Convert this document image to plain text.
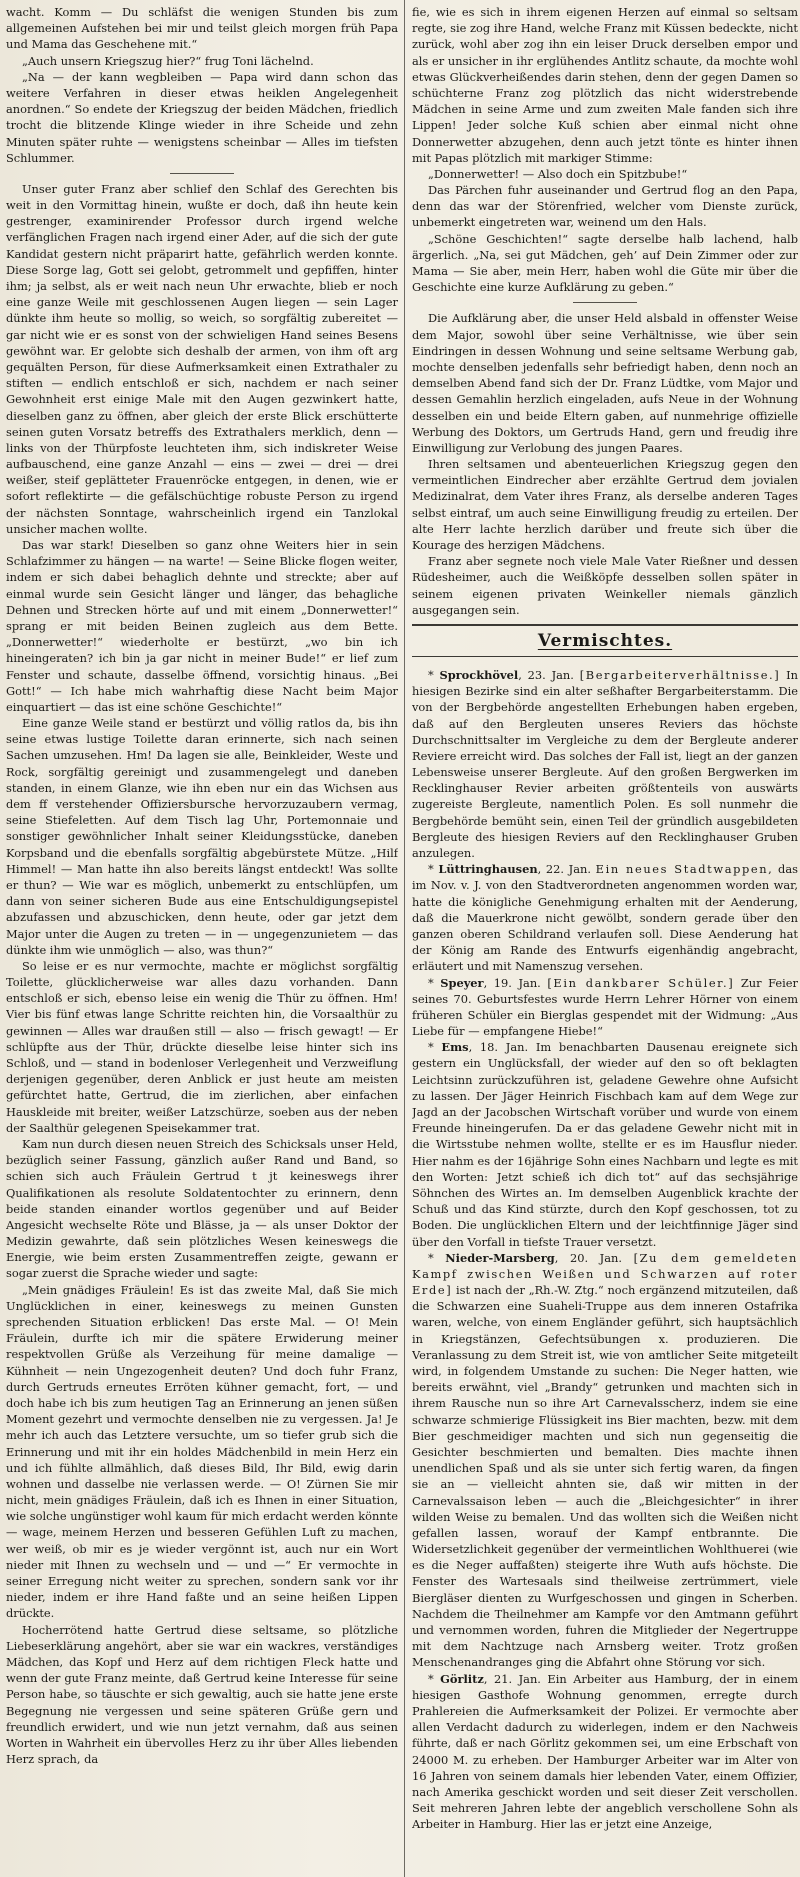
wacht. Komm — Du schläfst die wenigen Stunden bis zum allgemeinen Aufstehen bei mir und teilst gleich morgen früh Papa und Mama das Geschehene mit.“

„Auch unsern Kriegszug hier?“ frug Toni lächelnd.

„Na — der kann wegbleiben — Papa wird dann schon das weitere Verfahren in dieser etwas heiklen Angelegenheit anordnen.“ So endete der Kriegszug der beiden Mädchen, friedlich trocht die blitzende Klinge wieder in ihre Scheide und zehn Minuten später ruhte — wenigstens scheinbar — Alles im tiefsten Schlummer.

Unser guter Franz aber schlief den Schlaf des Gerechten bis weit in den Vormittag hinein, wußte er doch, daß ihn heute kein gestrenger, examinirender Professor durch irgend welche verfänglichen Fragen nach irgend einer Ader, auf die sich der gute Kandidat gestern nicht präparirt hatte, gefährlich werden konnte. Diese Sorge lag, Gott sei gelobt, getrommelt und gepfiffen, hinter ihm; ja selbst, als er weit nach neun Uhr erwachte, blieb er noch eine ganze Weile mit geschlossenen Augen liegen — sein Lager dünkte ihm heute so mollig, so weich, so sorgfältig zubereitet — gar nicht wie er es sonst von der schwieligen Hand seines Besens gewöhnt war. Er gelobte sich deshalb der armen, von ihm oft arg gequälten Person, für diese Aufmerksamkeit einen Extrathaler zu stiften — endlich entschloß er sich, nachdem er nach seiner Gewohnheit erst einige Male mit den Augen gezwinkert hatte, dieselben ganz zu öffnen, aber gleich der erste Blick erschütterte seinen guten Vorsatz betreffs des Extrathalers merklich, denn — links von der Thürpfoste leuchteten ihm, sich indiskreter Weise aufbauschend, eine ganze Anzahl — eins — zwei — drei — drei weißer, steif geplätteter Frauenröcke entgegen, in denen, wie er sofort reflektirte — die gefälschüchtige robuste Person zu irgend der nächsten Sonntage, wahrscheinlich irgend ein Tanzlokal unsicher machen wollte.

Das war stark! Dieselben so ganz ohne Weiters hier in sein Schlafzimmer zu hängen — na warte! — Seine Blicke flogen weiter, indem er sich dabei behaglich dehnte und streckte; aber auf einmal wurde sein Gesicht länger und länger, das behagliche Dehnen und Strecken hörte auf und mit einem „Donnerwetter!“ sprang er mit beiden Beinen zugleich aus dem Bette. „Donnerwetter!“ wiederholte er bestürzt, „wo bin ich hineingeraten? ich bin ja gar nicht in meiner Bude!“ er lief zum Fenster und schaute, dasselbe öffnend, vorsichtig hinaus. „Bei Gott!“ — Ich habe mich wahrhaftig diese Nacht beim Major einquartiert — das ist eine schöne Geschichte!“

Eine ganze Weile stand er bestürzt und völlig ratlos da, bis ihn seine etwas lustige Toilette daran erinnerte, sich nach seinen Sachen umzusehen. Hm! Da lagen sie alle, Beinkleider, Weste und Rock, sorgfältig gereinigt und zusammengelegt und daneben standen, in einem Glanze, wie ihn eben nur ein das Wichsen aus dem ff verstehender Offiziersbursche hervorzuzaubern vermag, seine Stiefeletten. Auf dem Tisch lag Uhr, Portemonnaie und sonstiger gewöhnlicher Inhalt seiner Kleidungsstücke, daneben Korpsband und die ebenfalls sorgfältig abgebürstete Mütze. „Hilf Himmel! — Man hatte ihn also bereits längst entdeckt! Was sollte er thun? — Wie war es möglich, unbemerkt zu entschlüpfen, um dann von seiner sicheren Bude aus eine Entschuldigungsepistel abzufassen und abzuschicken, denn heute, oder gar jetzt dem Major unter die Augen zu treten — in — ungegenzunietem — das dünkte ihm wie unmöglich — also, was thun?“

So leise er es nur vermochte, machte er möglichst sorgfältig Toilette, glücklicherweise war alles dazu vorhanden. Dann entschloß er sich, ebenso leise ein wenig die Thür zu öffnen. Hm! Vier bis fünf etwas lange Schritte reichten hin, die Vorsaalthür zu gewinnen — Alles war draußen still — also — frisch gewagt! — Er schlüpfte aus der Thür, drückte dieselbe leise hinter sich ins Schloß, und — stand in bodenloser Verlegenheit und Verzweiflung derjenigen gegenüber, deren Anblick er just heute am meisten gefürchtet hatte, Gertrud, die im zierlichen, aber einfachen Hauskleide mit breiter, weißer Latzschürze, soeben aus der neben der Saalthür gelegenen Speisekammer trat.

Kam nun durch diesen neuen Streich des Schicksals unser Held, bezüglich seiner Fassung, gänzlich außer Rand und Band, so schien sich auch Fräulein Gertrud t jt keineswegs ihrer Qualifikationen als resolute Soldatentochter zu erinnern, denn beide standen einander wortlos gegenüber und auf Beider Angesicht wechselte Röte und Blässe, ja — als unser Doktor der Medizin gewahrte, daß sein plötzliches Wesen keineswegs die Energie, wie beim ersten Zusammentreffen zeigte, gewann er sogar zuerst die Sprache wieder und sagte:

„Mein gnädiges Fräulein! Es ist das zweite Mal, daß Sie mich Unglücklichen in einer, keineswegs zu meinen Gunsten sprechenden Situation erblicken! Das erste Mal. — O! Mein Fräulein, durfte ich mir die spätere Erwiderung meiner respektvollen Grüße als Verzeihung für meine damalige — Kühnheit — nein Ungezogenheit deuten? Und doch fuhr Franz, durch Gertruds erneutes Erröten kühner gemacht, fort, — und doch habe ich bis zum heutigen Tag an Erinnerung an jenen süßen Moment gezehrt und vermochte denselben nie zu vergessen. Ja! Je mehr ich auch das Letztere versuchte, um so tiefer grub sich die Erinnerung und mit ihr ein holdes Mädchenbild in mein Herz ein und ich fühlte allmählich, daß dieses Bild, Ihr Bild, ewig darin wohnen und dasselbe nie verlassen werde. — O! Zürnen Sie mir nicht, mein gnädiges Fräulein, daß ich es Ihnen in einer Situation, wie solche ungünstiger wohl kaum für mich erdacht werden könnte — wage, meinem Herzen und besseren Gefühlen Luft zu machen, wer weiß, ob mir es je wieder vergönnt ist, auch nur ein Wort nieder mit Ihnen zu wechseln und — und —“ Er vermochte in seiner Erregung nicht weiter zu sprechen, sondern sank vor ihr nieder, indem er ihre Hand faßte und an seine heißen Lippen drückte.

Hocherrötend hatte Gertrud diese seltsame, so plötzliche Liebeserklärung angehört, aber sie war ein wackres, verständiges Mädchen, das Kopf und Herz auf dem richtigen Fleck hatte und wenn der gute Franz meinte, daß Gertrud keine Interesse für seine Person habe, so täuschte er sich gewaltig, auch sie hatte jene erste Begegnung nie vergessen und seine späteren Grüße gern und freundlich erwidert, und wie nun jetzt vernahm, daß aus seinen Worten in Wahrheit ein übervolles Herz zu ihr über Alles liebenden Herz sprach, da

fie, wie es sich in ihrem eigenen Herzen auf einmal so seltsam regte, sie zog ihre Hand, welche Franz mit Küssen bedeckte, nicht zurück, wohl aber zog ihn ein leiser Druck derselben empor und als er unsicher in ihr erglühendes Antlitz schaute, da mochte wohl etwas Glückverheißendes darin stehen, denn der gegen Damen so schüchterne Franz zog plötzlich das nicht widerstrebende Mädchen in seine Arme und zum zweiten Male fanden sich ihre Lippen! Jeder solche Kuß schien aber einmal nicht ohne Donnerwetter abzugehen, denn auch jetzt tönte es hinter ihnen mit Papas plötzlich mit markiger Stimme:

„Donnerwetter! — Also doch ein Spitzbube!“

Das Pärchen fuhr auseinander und Gertrud flog an den Papa, denn das war der Störenfried, welcher vom Dienste zurück, unbemerkt eingetreten war, weinend um den Hals.

„Schöne Geschichten!“ sagte derselbe halb lachend, halb ärgerlich. „Na, sei gut Mädchen, geh’ auf Dein Zimmer oder zur Mama — Sie aber, mein Herr, haben wohl die Güte mir über die Geschichte eine kurze Aufklärung zu geben.“

Die Aufklärung aber, die unser Held alsbald in offenster Weise dem Major, sowohl über seine Verhältnisse, wie über sein Eindringen in dessen Wohnung und seine seltsame Werbung gab, mochte denselben jedenfalls sehr befriedigt haben, denn noch an demselben Abend fand sich der Dr. Franz Lüdtke, vom Major und dessen Gemahlin herzlich eingeladen, aufs Neue in der Wohnung desselben ein und beide Eltern gaben, auf nunmehrige offizielle Werbung des Doktors, um Gertruds Hand, gern und freudig ihre Einwilligung zur Verlobung des jungen Paares.

Ihren seltsamen und abenteuerlichen Kriegszug gegen den vermeintlichen Eindrecher aber erzählte Gertrud dem jovialen Medizinalrat, dem Vater ihres Franz, als derselbe anderen Tages selbst eintraf, um auch seine Einwilligung freudig zu erteilen. Der alte Herr lachte herzlich darüber und freute sich über die Kourage des herzigen Mädchens.

Franz aber segnete noch viele Male Vater Rießner und dessen Rüdesheimer, auch die Weißköpfe desselben sollen später in seinem eigenen privaten Weinkeller niemals gänzlich ausgegangen sein.

Vermischtes.

* Sprockhövel, 23. Jan. [Bergarbeiterverhältnisse.] In hiesigen Bezirke sind ein alter seßhafter Bergarbeiterstamm. Die von der Bergbehörde angestellten Erhebungen haben ergeben, daß auf den Bergleuten unseres Reviers das höchste Durchschnittsalter im Vergleiche zu dem der Bergleute anderer Reviere erreicht wird. Das solches der Fall ist, liegt an der ganzen Lebensweise unserer Bergleute. Auf den großen Bergwerken im Recklinghauser Revier arbeiten größtenteils von auswärts zugereiste Bergleute, namentlich Polen. Es soll nunmehr die Bergbehörde bemüht sein, einen Teil der gründlich ausgebildeten Bergleute des hiesigen Reviers auf den Recklinghauser Gruben anzulegen.

* Lüttringhausen, 22. Jan. Ein neues Stadtwappen, das im Nov. v. J. von den Stadtverordneten angenommen worden war, hatte die königliche Genehmigung erhalten mit der Aenderung, daß die Mauerkrone nicht gewölbt, sondern gerade über den ganzen oberen Schildrand verlaufen soll. Diese Aenderung hat der König am Rande des Entwurfs eigenhändig angebracht, erläutert und mit Namenszug versehen.

* Speyer, 19. Jan. [Ein dankbarer Schüler.] Zur Feier seines 70. Geburtsfestes wurde Herrn Lehrer Hörner von einem früheren Schüler ein Bierglas gespendet mit der Widmung: „Aus Liebe für — empfangene Hiebe!“

* Ems, 18. Jan. Im benachbarten Dausenau ereignete sich gestern ein Unglücksfall, der wieder auf den so oft beklagten Leichtsinn zurückzuführen ist, geladene Gewehre ohne Aufsicht zu lassen. Der Jäger Heinrich Fischbach kam auf dem Wege zur Jagd an der Jacobschen Wirtschaft vorüber und wurde von einem Freunde hineingerufen. Da er das geladene Gewehr nicht mit in die Wirtsstube nehmen wollte, stellte er es im Hausflur nieder. Hier nahm es der 16jährige Sohn eines Nachbarn und legte es mit den Worten: Jetzt schieß ich dich tot“ auf das sechsjährige Söhnchen des Wirtes an. Im demselben Augenblick krachte der Schuß und das Kind stürzte, durch den Kopf geschossen, tot zu Boden. Die unglücklichen Eltern und der leichtfinnige Jäger sind über den Vorfall in tiefste Trauer versetzt.

* Nieder-Marsberg, 20. Jan. [Zu dem gemeldeten Kampf zwischen Weißen und Schwarzen auf roter Erde] ist nach der „Rh.-W. Ztg.“ noch ergänzend mitzuteilen, daß die Schwarzen eine Suaheli-Truppe aus dem inneren Ostafrika waren, welche, von einem Engländer geführt, sich hauptsächlich in Kriegstänzen, Gefechtsübungen x. produzieren. Die Veranlassung zu dem Streit ist, wie von amtlicher Seite mitgeteilt wird, in folgendem Umstande zu suchen: Die Neger hatten, wie bereits erwähnt, viel „Brandy“ getrunken und machten sich in ihrem Rausche nun so ihre Art Carnevalsscherz, indem sie eine schwarze schmierige Flüssigkeit ins Bier machten, bezw. mit dem Bier geschmeidiger machten und sich nun gegenseitig die Gesichter beschmierten und bemalten. Dies machte ihnen unendlichen Spaß und als sie unter sich fertig waren, da fingen sie an — vielleicht ahnten sie, daß wir mitten in der Carnevalssaison leben — auch die „Bleichgesichter“ in ihrer wilden Weise zu bemalen. Und das wollten sich die Weißen nicht gefallen lassen, worauf der Kampf entbrannte. Die Widersetzlichkeit gegenüber der vermeintlichen Wohlthuerei (wie es die Neger auffaßten) steigerte ihre Wuth aufs höchste. Die Fenster des Wartesaals sind theilweise zertrümmert, viele Biergläser dienten zu Wurfgeschossen und gingen in Scherben. Nachdem die Theilnehmer am Kampfe vor den Amtmann geführt und vernommen worden, fuhren die Mitglieder der Negertruppe mit dem Nachtzuge nach Arnsberg weiter. Trotz großen Menschenandranges ging die Abfahrt ohne Störung vor sich.

* Görlitz, 21. Jan. Ein Arbeiter aus Hamburg, der in einem hiesigen Gasthofe Wohnung genommen, erregte durch Prahlereien die Aufmerksamkeit der Polizei. Er vermochte aber allen Verdacht dadurch zu widerlegen, indem er den Nachweis führte, daß er nach Görlitz gekommen sei, um eine Erbschaft von 24000 M. zu erheben. Der Hamburger Arbeiter war im Alter von 16 Jahren von seinem damals hier lebenden Vater, einem Offizier, nach Amerika geschickt worden und seit dieser Zeit verschollen. Seit mehreren Jahren lebte der angeblich verschollene Sohn als Arbeiter in Hamburg. Hier las er jetzt eine Anzeige,
